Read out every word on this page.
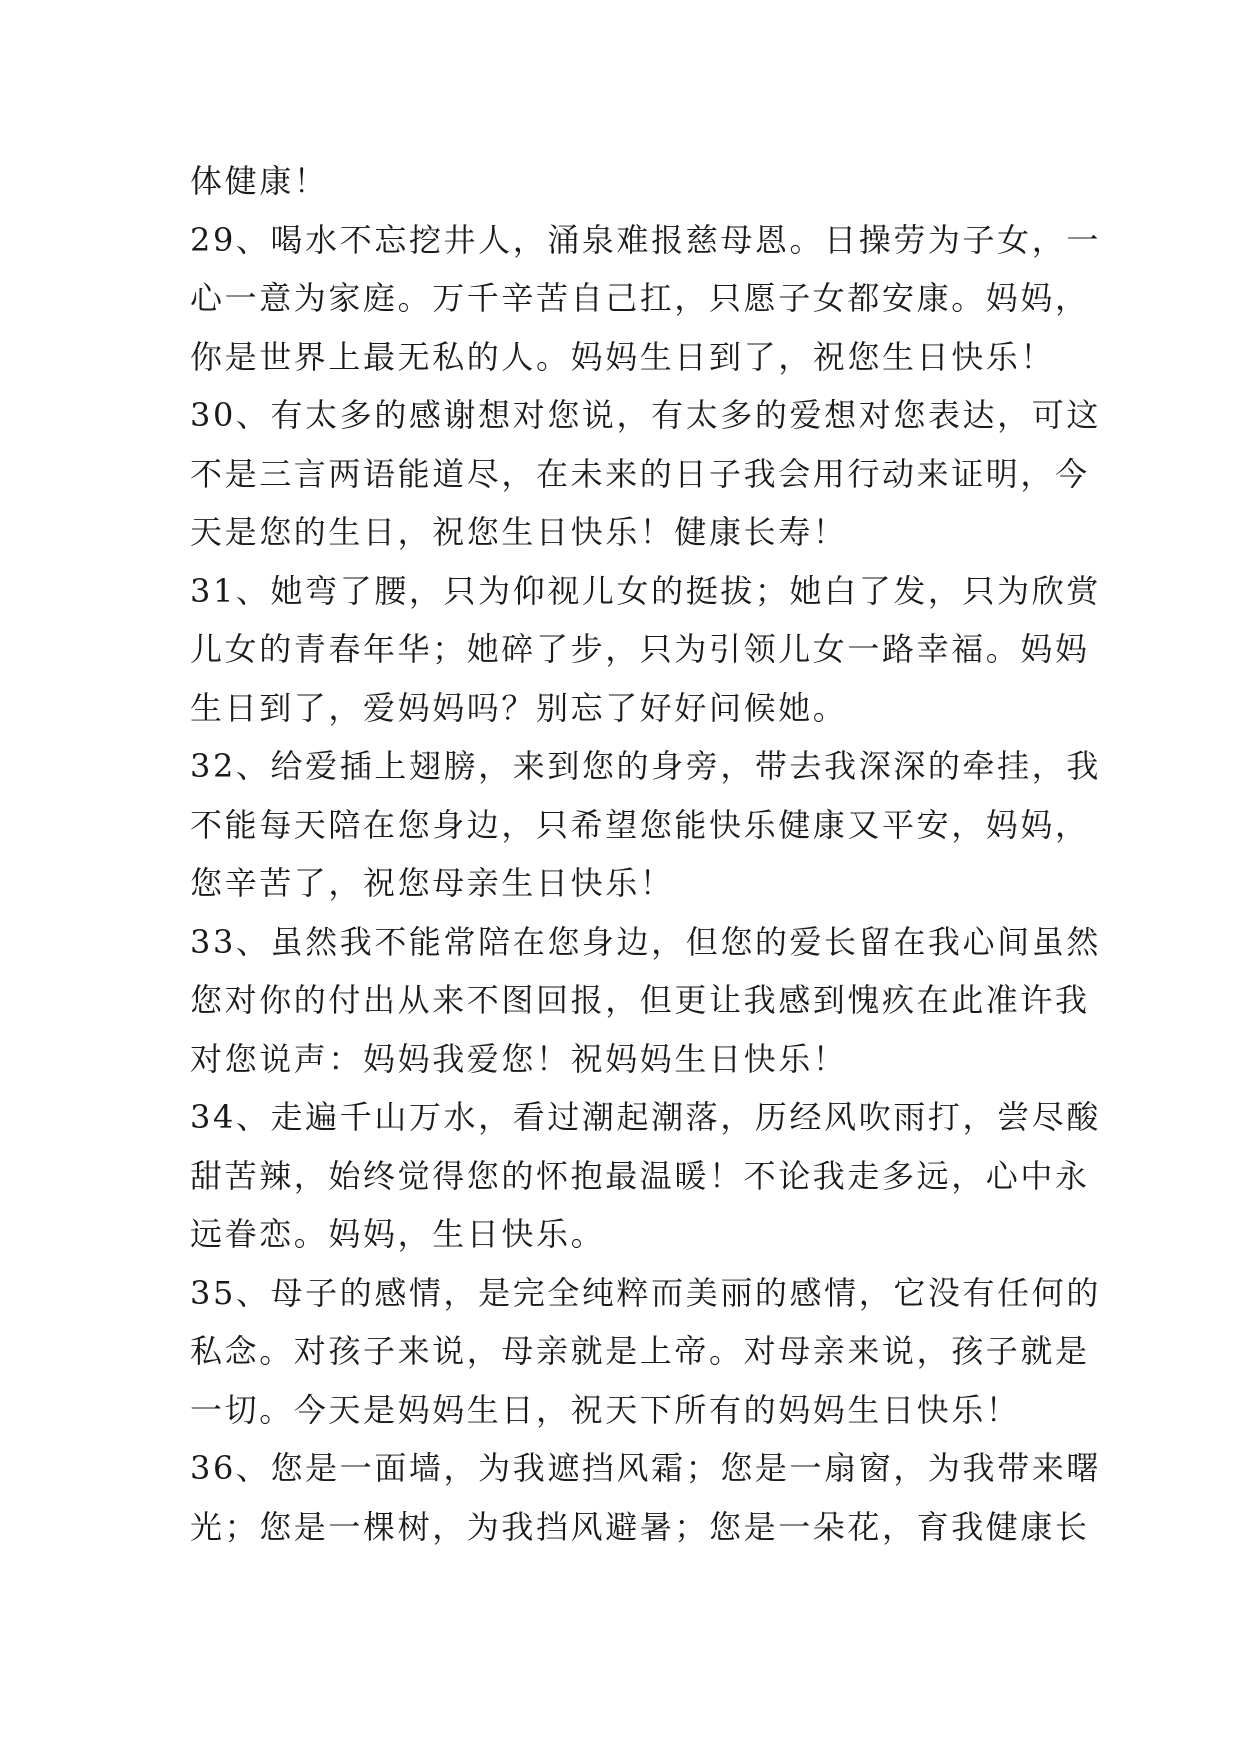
体健康！
29、喝水不忘挖井人，涌泉难报慈母恩。日操劳为子女，一
心一意为家庭。万千辛苦自己扛，只愿子女都安康。妈妈，
你是世界上最无私的人。妈妈生日到了，祝您生日快乐！
30、有太多的感谢想对您说，有太多的爱想对您表达，可这
不是三言两语能道尽，在未来的日子我会用行动来证明，今
天是您的生日，祝您生日快乐！健康长寿！
31、她弯了腰，只为仰视儿女的挺拔；她白了发，只为欣赏
儿女的青春年华；她碎了步，只为引领儿女一路幸福。妈妈
生日到了，爱妈妈吗？别忘了好好问候她。
32、给爱插上翅膀，来到您的身旁，带去我深深的牵挂，我
不能每天陪在您身边，只希望您能快乐健康又平安，妈妈，
您辛苦了，祝您母亲生日快乐！
33、虽然我不能常陪在您身边，但您的爱长留在我心间虽然
您对你的付出从来不图回报，但更让我感到愧疚在此准许我
对您说声：妈妈我爱您！祝妈妈生日快乐！
34、走遍千山万水，看过潮起潮落，历经风吹雨打，尝尽酸
甜苦辣，始终觉得您的怀抱最温暖！不论我走多远，心中永
远眷恋。妈妈，生日快乐。
35、母子的感情，是完全纯粹而美丽的感情，它没有任何的
私念。对孩子来说，母亲就是上帝。对母亲来说，孩子就是
一切。今天是妈妈生日，祝天下所有的妈妈生日快乐！
36、您是一面墙，为我遮挡风霜；您是一扇窗，为我带来曙
光；您是一棵树，为我挡风避暑；您是一朵花，育我健康长
